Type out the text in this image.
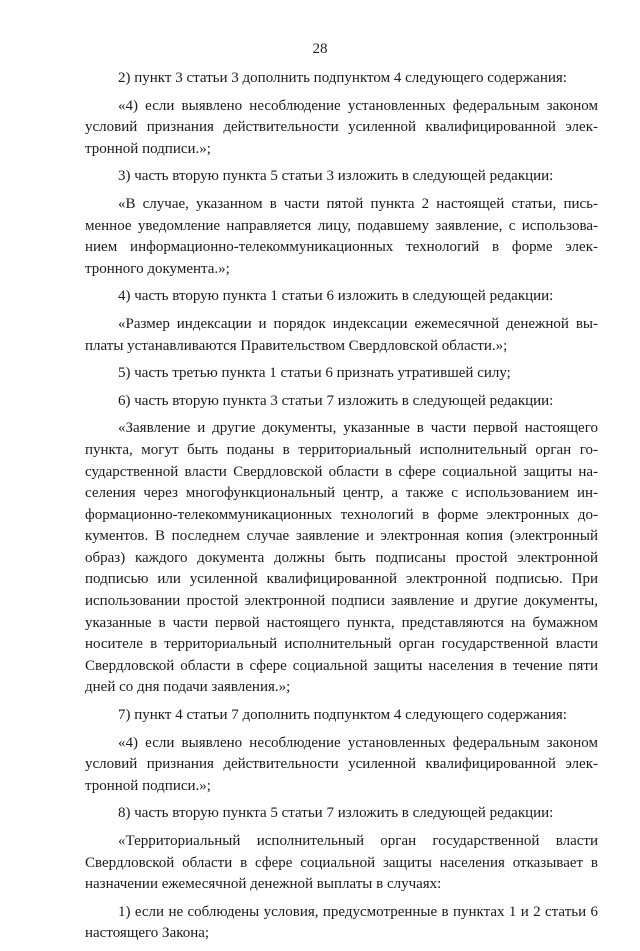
28

2) пункт 3 статьи 3 дополнить подпунктом 4 следующего содержания:

«4) если выявлено несоблюдение установленных федеральным законом условий признания действительности усиленной квалифицированной электронной подписи.»;

3) часть вторую пункта 5 статьи 3 изложить в следующей редакции:

«В случае, указанном в части пятой пункта 2 настоящей статьи, письменное уведомление направляется лицу, подавшему заявление, с использованием информационно-телекоммуникационных технологий в форме электронного документа.»;

4) часть вторую пункта 1 статьи 6 изложить в следующей редакции:

«Размер индексации и порядок индексации ежемесячной денежной выплаты устанавливаются Правительством Свердловской области.»;

5) часть третью пункта 1 статьи 6 признать утратившей силу;

6) часть вторую пункта 3 статьи 7 изложить в следующей редакции:

«Заявление и другие документы, указанные в части первой настоящего пункта, могут быть поданы в территориальный исполнительный орган государственной власти Свердловской области в сфере социальной защиты населения через многофункциональный центр, а также с использованием информационно-телекоммуникационных технологий в форме электронных документов. В последнем случае заявление и электронная копия (электронный образ) каждого документа должны быть подписаны простой электронной подписью или усиленной квалифицированной электронной подписью. При использовании простой электронной подписи заявление и другие документы, указанные в части первой настоящего пункта, представляются на бумажном носителе в территориальный исполнительный орган государственной власти Свердловской области в сфере социальной защиты населения в течение пяти дней со дня подачи заявления.»;

7) пункт 4 статьи 7 дополнить подпунктом 4 следующего содержания:

«4) если выявлено несоблюдение установленных федеральным законом условий признания действительности усиленной квалифицированной электронной подписи.»;

8) часть вторую пункта 5 статьи 7 изложить в следующей редакции:

«Территориальный исполнительный орган государственной власти Свердловской области в сфере социальной защиты населения отказывает в назначении ежемесячной денежной выплаты в случаях:

1) если не соблюдены условия, предусмотренные в пунктах 1 и 2 статьи 6 настоящего Закона;
